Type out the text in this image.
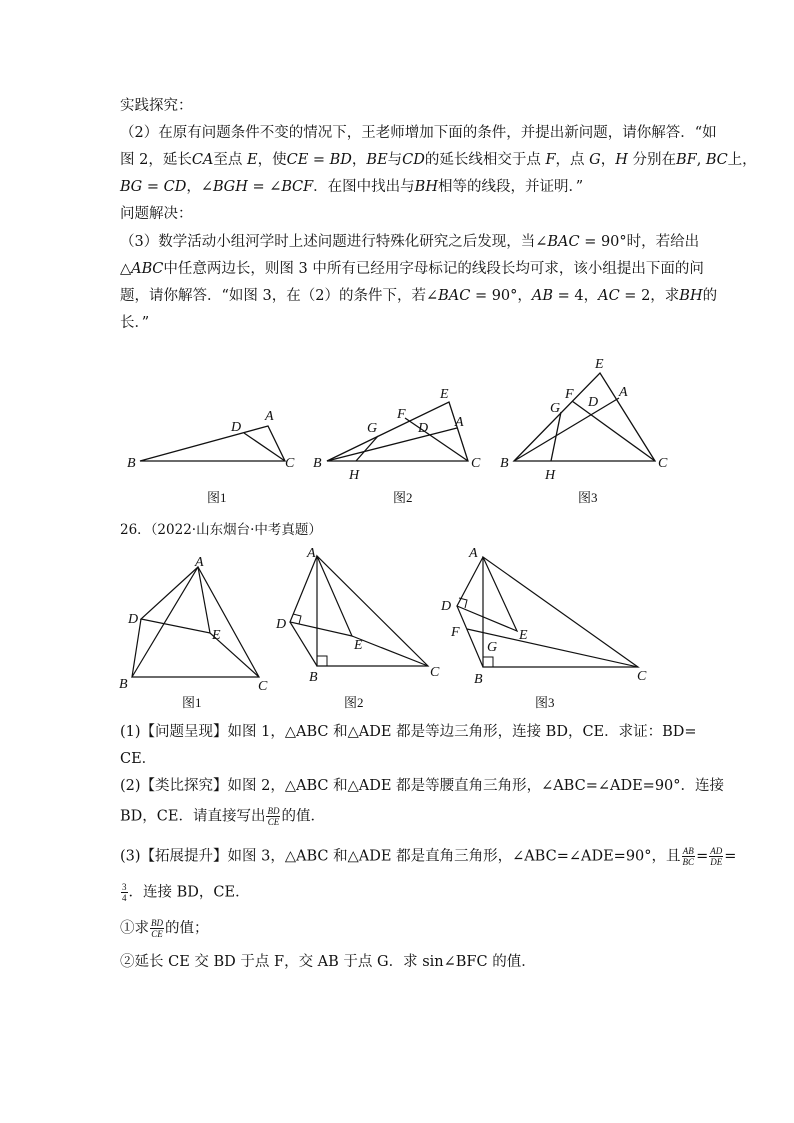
实践探究：
（2）在原有问题条件不变的情况下，王老师增加下面的条件，并提出新问题，请你解答．“如
图 2，延长𝐶𝐴至点 𝐸，使𝐶𝐸 = 𝐵𝐷，𝐵𝐸与𝐶𝐷的延长线相交于点 𝐹，点 𝐺，𝐻 分别在𝐵𝐹, 𝐵𝐶上，
𝐵𝐺 = 𝐶𝐷，∠𝐵𝐺𝐻 = ∠𝐵𝐶𝐹．在图中找出与𝐵𝐻相等的线段，并证明．”
问题解决：
（3）数学活动小组河学时上述问题进行特殊化研究之后发现，当∠𝐵𝐴𝐶 = 90°时，若给出
△𝐴𝐵𝐶中任意两边长，则图 3 中所有已经用字母标记的线段长均可求，该小组提出下面的问
题，请你解答．“如图 3，在（2）的条件下，若∠𝐵𝐴𝐶 = 90°，𝐴𝐵 = 4，𝐴𝐶 = 2，求𝐵𝐻的
长．”
B
D
A
C
图1
B
G
F
E
D A
C
H
图2
E
F
G D
A
B
H
C
图3
26．（2022·山东烟台·中考真题）
A
D
E
B	C
图1
A
D
E
B	C
图2
A
D
F	E
G
B	C
图3
(1)【问题呈现】如图 1，△ABC 和△ADE 都是等边三角形，连接 BD，CE．求证：BD=
CE．
(2)【类比探究】如图 2，△ABC 和△ADE 都是等腰直角三角形，∠ABC=∠ADE=90°．连接
BD，CE．请直接写出 $\frac{BD}{CE}$ 的值．
(3)【拓展提升】如图 3，△ABC 和△ADE 都是直角三角形，∠ABC=∠ADE=90°，且 $\frac{AB}{BC} = \frac{AD}{DE}$ =
$\frac{3}{4}$ ．连接 BD，CE．
①求 $\frac{BD}{CE}$ 的值；
②延长 CE 交 BD 于点 F，交 AB 于点 G．求 sin∠BFC 的值．
